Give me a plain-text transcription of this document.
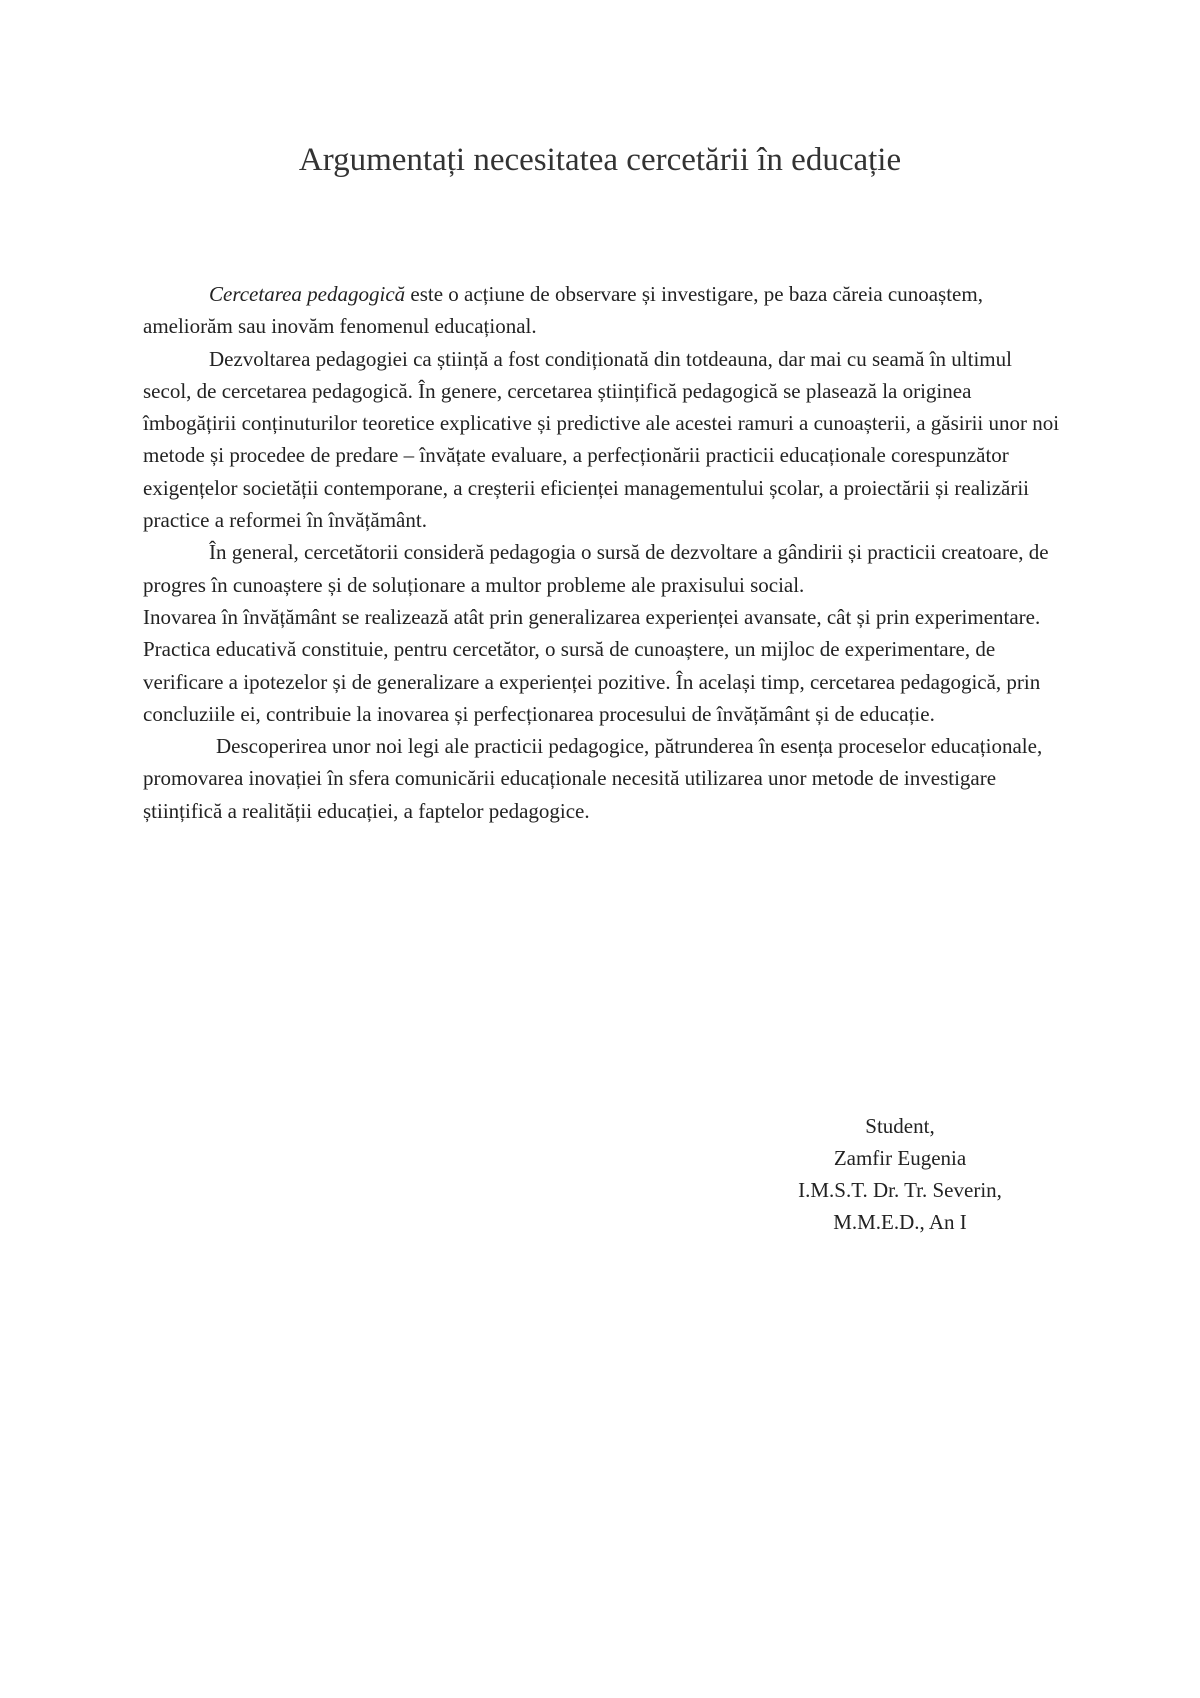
Argumentați necesitatea cercetării în educație

Cercetarea pedagogică este o acțiune de observare și investigare, pe baza căreia cunoaștem, ameliorăm sau inovăm fenomenul educațional.

Dezvoltarea pedagogiei ca știință a fost condiționată din totdeauna, dar mai cu seamă în ultimul secol, de cercetarea pedagogică. În genere, cercetarea științifică pedagogică se plasează la originea îmbogățirii conținuturilor teoretice explicative și predictive ale acestei ramuri a cunoașterii, a găsirii unor noi metode și procedee de predare – învățate evaluare, a perfecționării practicii educaționale corespunzător exigențelor societății contemporane, a creșterii eficienței managementului școlar, a proiectării și realizării practice a reformei în învățământ.

În general, cercetătorii consideră pedagogia o sursă de dezvoltare a gândirii și practicii creatoare, de progres în cunoaștere și de soluționare a multor probleme ale praxisului social.

Inovarea în învățământ se realizează atât prin generalizarea experienței avansate, cât și prin experimentare. Practica educativă constituie, pentru cercetător, o sursă de cunoaștere, un mijloc de experimentare, de verificare a ipotezelor și de generalizare a experienței pozitive. În același timp, cercetarea pedagogică, prin concluziile ei, contribuie la inovarea și perfecționarea procesului de învățământ și de educație.

Descoperirea unor noi legi ale practicii pedagogice, pătrunderea în esența proceselor educaționale, promovarea inovației în sfera comunicării educaționale necesită utilizarea unor metode de investigare științifică a realității educației, a faptelor pedagogice.

Student,
Zamfir Eugenia
I.M.S.T. Dr. Tr. Severin,
M.M.E.D., An I
